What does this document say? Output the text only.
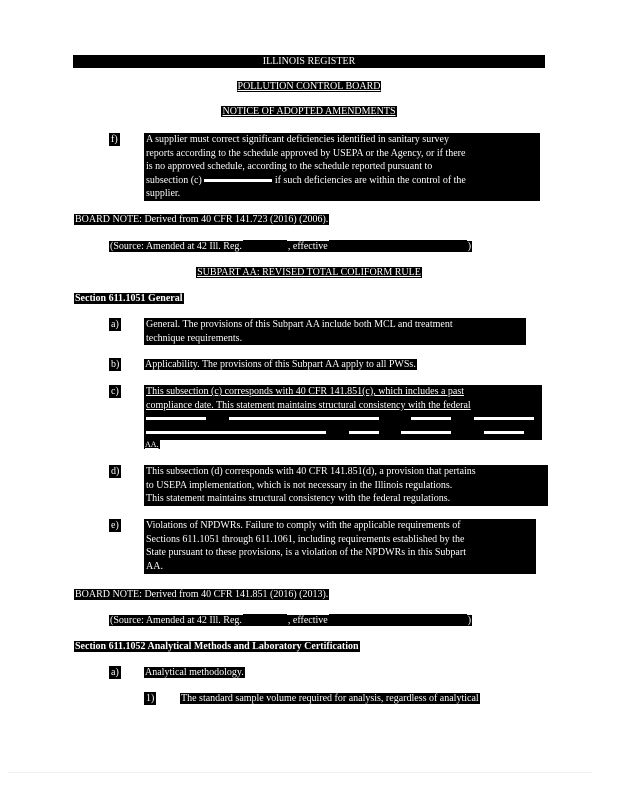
ILLINOIS REGISTER
POLLUTION CONTROL BOARD
NOTICE OF ADOPTED AMENDMENTS
f)	A supplier must correct significant deficiencies identified in sanitary survey
reports according to the schedule approved by USEPA or the Agency, or if there
is no approved schedule, according to the schedule reported pursuant to
subsection (c)	if such deficiencies are within the control of the
supplier.
BOARD NOTE: Derived from 40 CFR 141.723 (2016) (2006).
(Source: Amended at 42 Ill. Reg.	, effective	)
SUBPART AA: REVISED TOTAL COLIFORM RULE
Section 611.1051 General
a)	General. The provisions of this Subpart AA include both MCL and treatment
technique requirements.
b)	Applicability. The provisions of this Subpart AA apply to all PWSs.
c)	This subsection (c) corresponds with 40 CFR 141.851(c), which includes a past
compliance date. This statement maintains structural consistency with the federal

AA.
d)	This subsection (d) corresponds with 40 CFR 141.851(d), a provision that pertains
to USEPA implementation, which is not necessary in the Illinois regulations.
This statement maintains structural consistency with the federal regulations.
e)	Violations of NPDWRs. Failure to comply with the applicable requirements of
Sections 611.1051 through 611.1061, including requirements established by the
State pursuant to these provisions, is a violation of the NPDWRs in this Subpart
AA.
BOARD NOTE: Derived from 40 CFR 141.851 (2016) (2013).
(Source: Amended at 42 Ill. Reg.	, effective	)
Section 611.1052 Analytical Methods and Laboratory Certification
a)	Analytical methodology.
1)	The standard sample volume required for analysis, regardless of analytical
